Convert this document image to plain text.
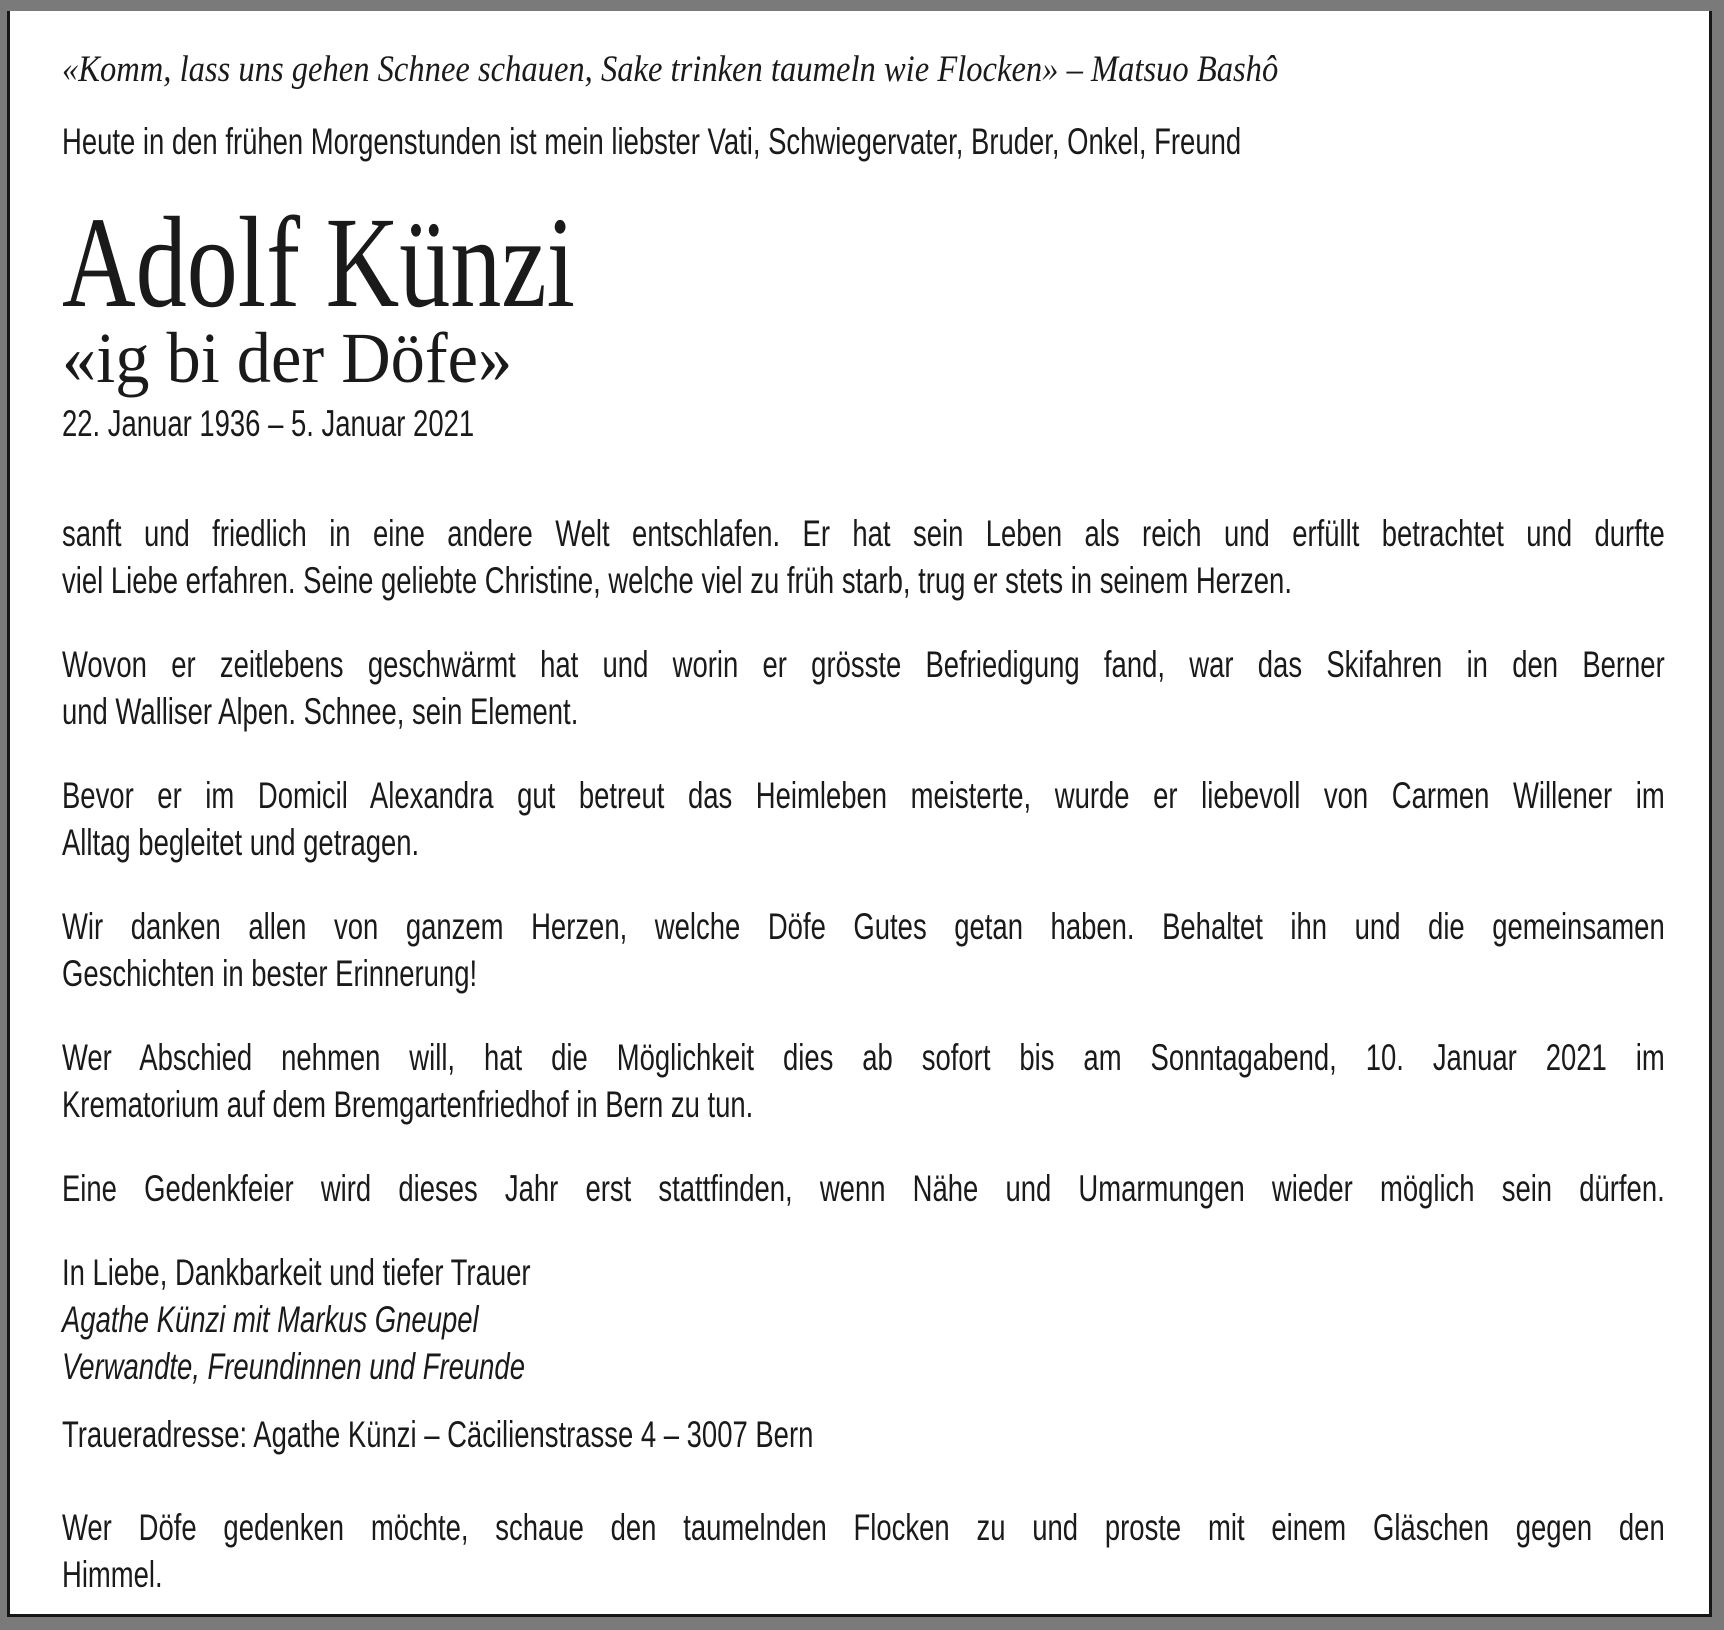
«Komm, lass uns gehen Schnee schauen, Sake trinken taumeln wie Flocken» – Matsuo Bashô
Heute in den frühen Morgenstunden ist mein liebster Vati, Schwiegervater, Bruder, Onkel, Freund
Adolf Künzi
«ig bi der Döfe»
22. Januar 1936 – 5. Januar 2021
sanft und friedlich in eine andere Welt entschlafen. Er hat sein Leben als reich und erfüllt betrachtet und durfte
viel Liebe erfahren. Seine geliebte Christine, welche viel zu früh starb, trug er stets in seinem Herzen.
Wovon er zeitlebens geschwärmt hat und worin er grösste Befriedigung fand, war das Skifahren in den Berner
und Walliser Alpen. Schnee, sein Element.
Bevor er im Domicil Alexandra gut betreut das Heimleben meisterte, wurde er liebevoll von Carmen Willener im
Alltag begleitet und getragen.
Wir danken allen von ganzem Herzen, welche Döfe Gutes getan haben. Behaltet ihn und die gemeinsamen
Geschichten in bester Erinnerung!
Wer Abschied nehmen will, hat die Möglichkeit dies ab sofort bis am Sonntagabend, 10. Januar 2021 im
Krematorium auf dem Bremgartenfriedhof in Bern zu tun.
Eine Gedenkfeier wird dieses Jahr erst stattfinden, wenn Nähe und Umarmungen wieder möglich sein dürfen.
In Liebe, Dankbarkeit und tiefer Trauer
Agathe Künzi mit Markus Gneupel
Verwandte, Freundinnen und Freunde
Traueradresse: Agathe Künzi – Cäcilienstrasse 4 – 3007 Bern
Wer Döfe gedenken möchte, schaue den taumelnden Flocken zu und proste mit einem Gläschen gegen den
Himmel.
